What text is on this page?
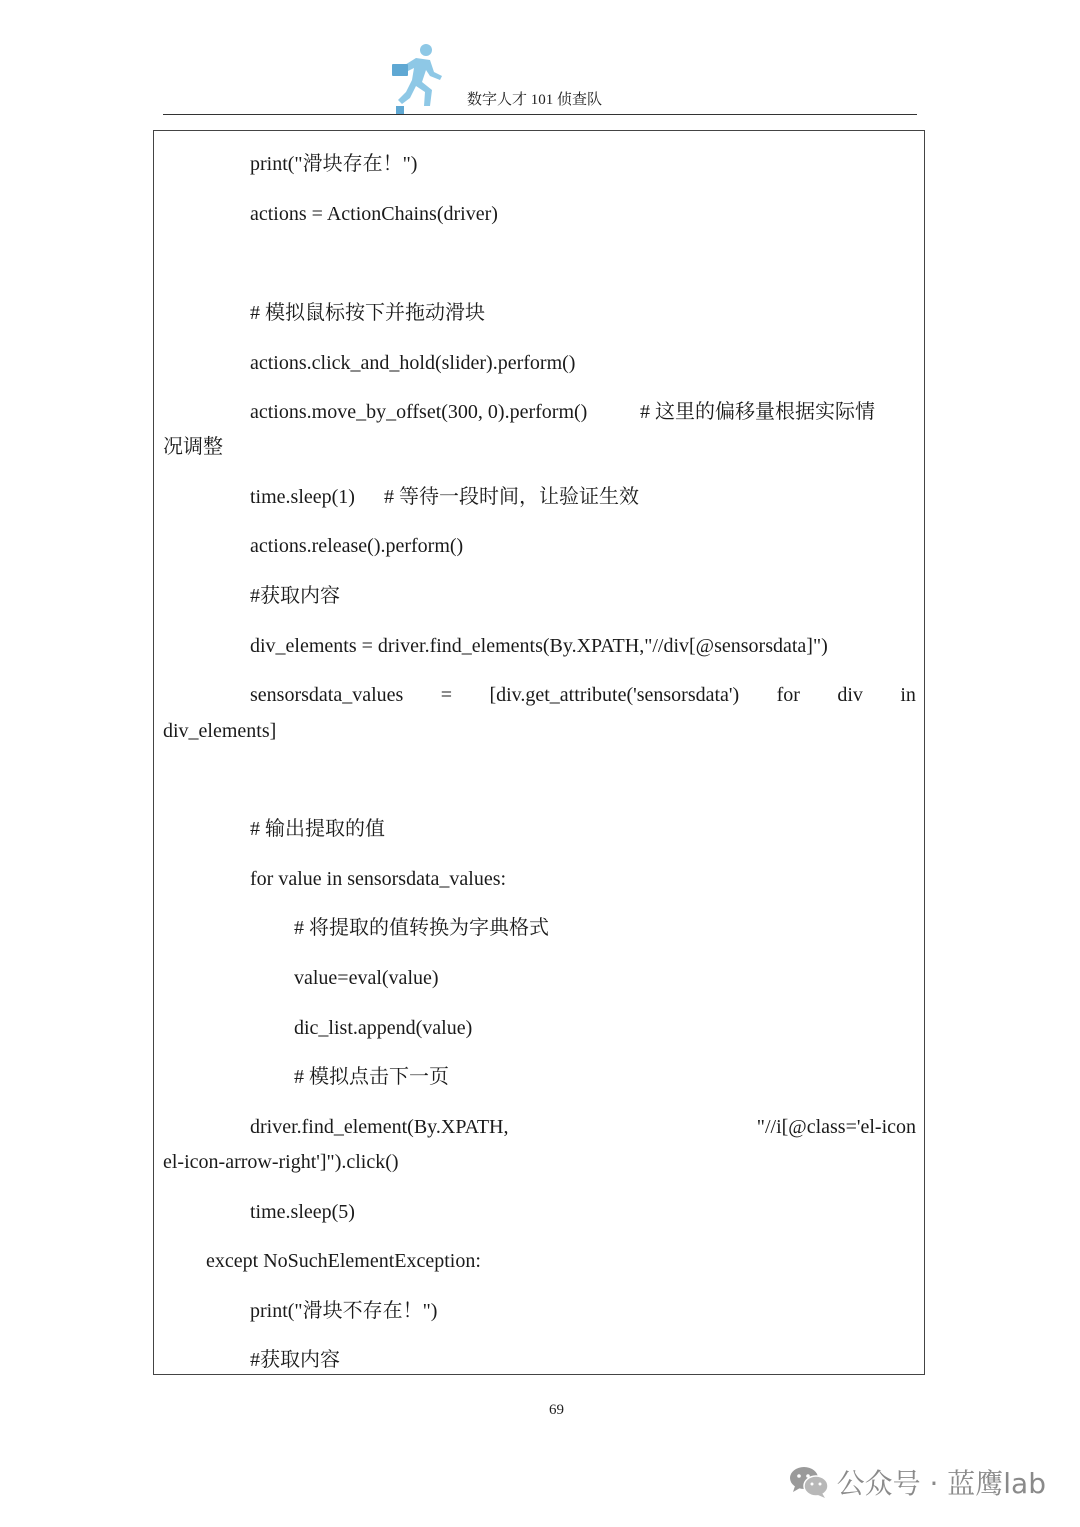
数字人才 101 侦查队
print("滑块存在！")
actions = ActionChains(driver)
# 模拟鼠标按下并拖动滑块
actions.click_and_hold(slider).perform()
actions.move_by_offset(300, 0).perform()	# 这里的偏移量根据实际情
况调整
time.sleep(1) # 等待一段时间，让验证生效
actions.release().perform()
#获取内容
div_elements = driver.find_elements(By.XPATH,"//div[@sensorsdata]")
sensorsdata_values = [div.get_attribute('sensorsdata') for div in
div_elements]
# 输出提取的值
for value in sensorsdata_values:
# 将提取的值转换为字典格式
value=eval(value)
dic_list.append(value)
# 模拟点击下一页
driver.find_element(By.XPATH,	"//i[@class='el-icon
el-icon-arrow-right']").click()
time.sleep(5)
except NoSuchElementException:
print("滑块不存在！")
#获取内容
69
公众号 · 蓝鹰lab
